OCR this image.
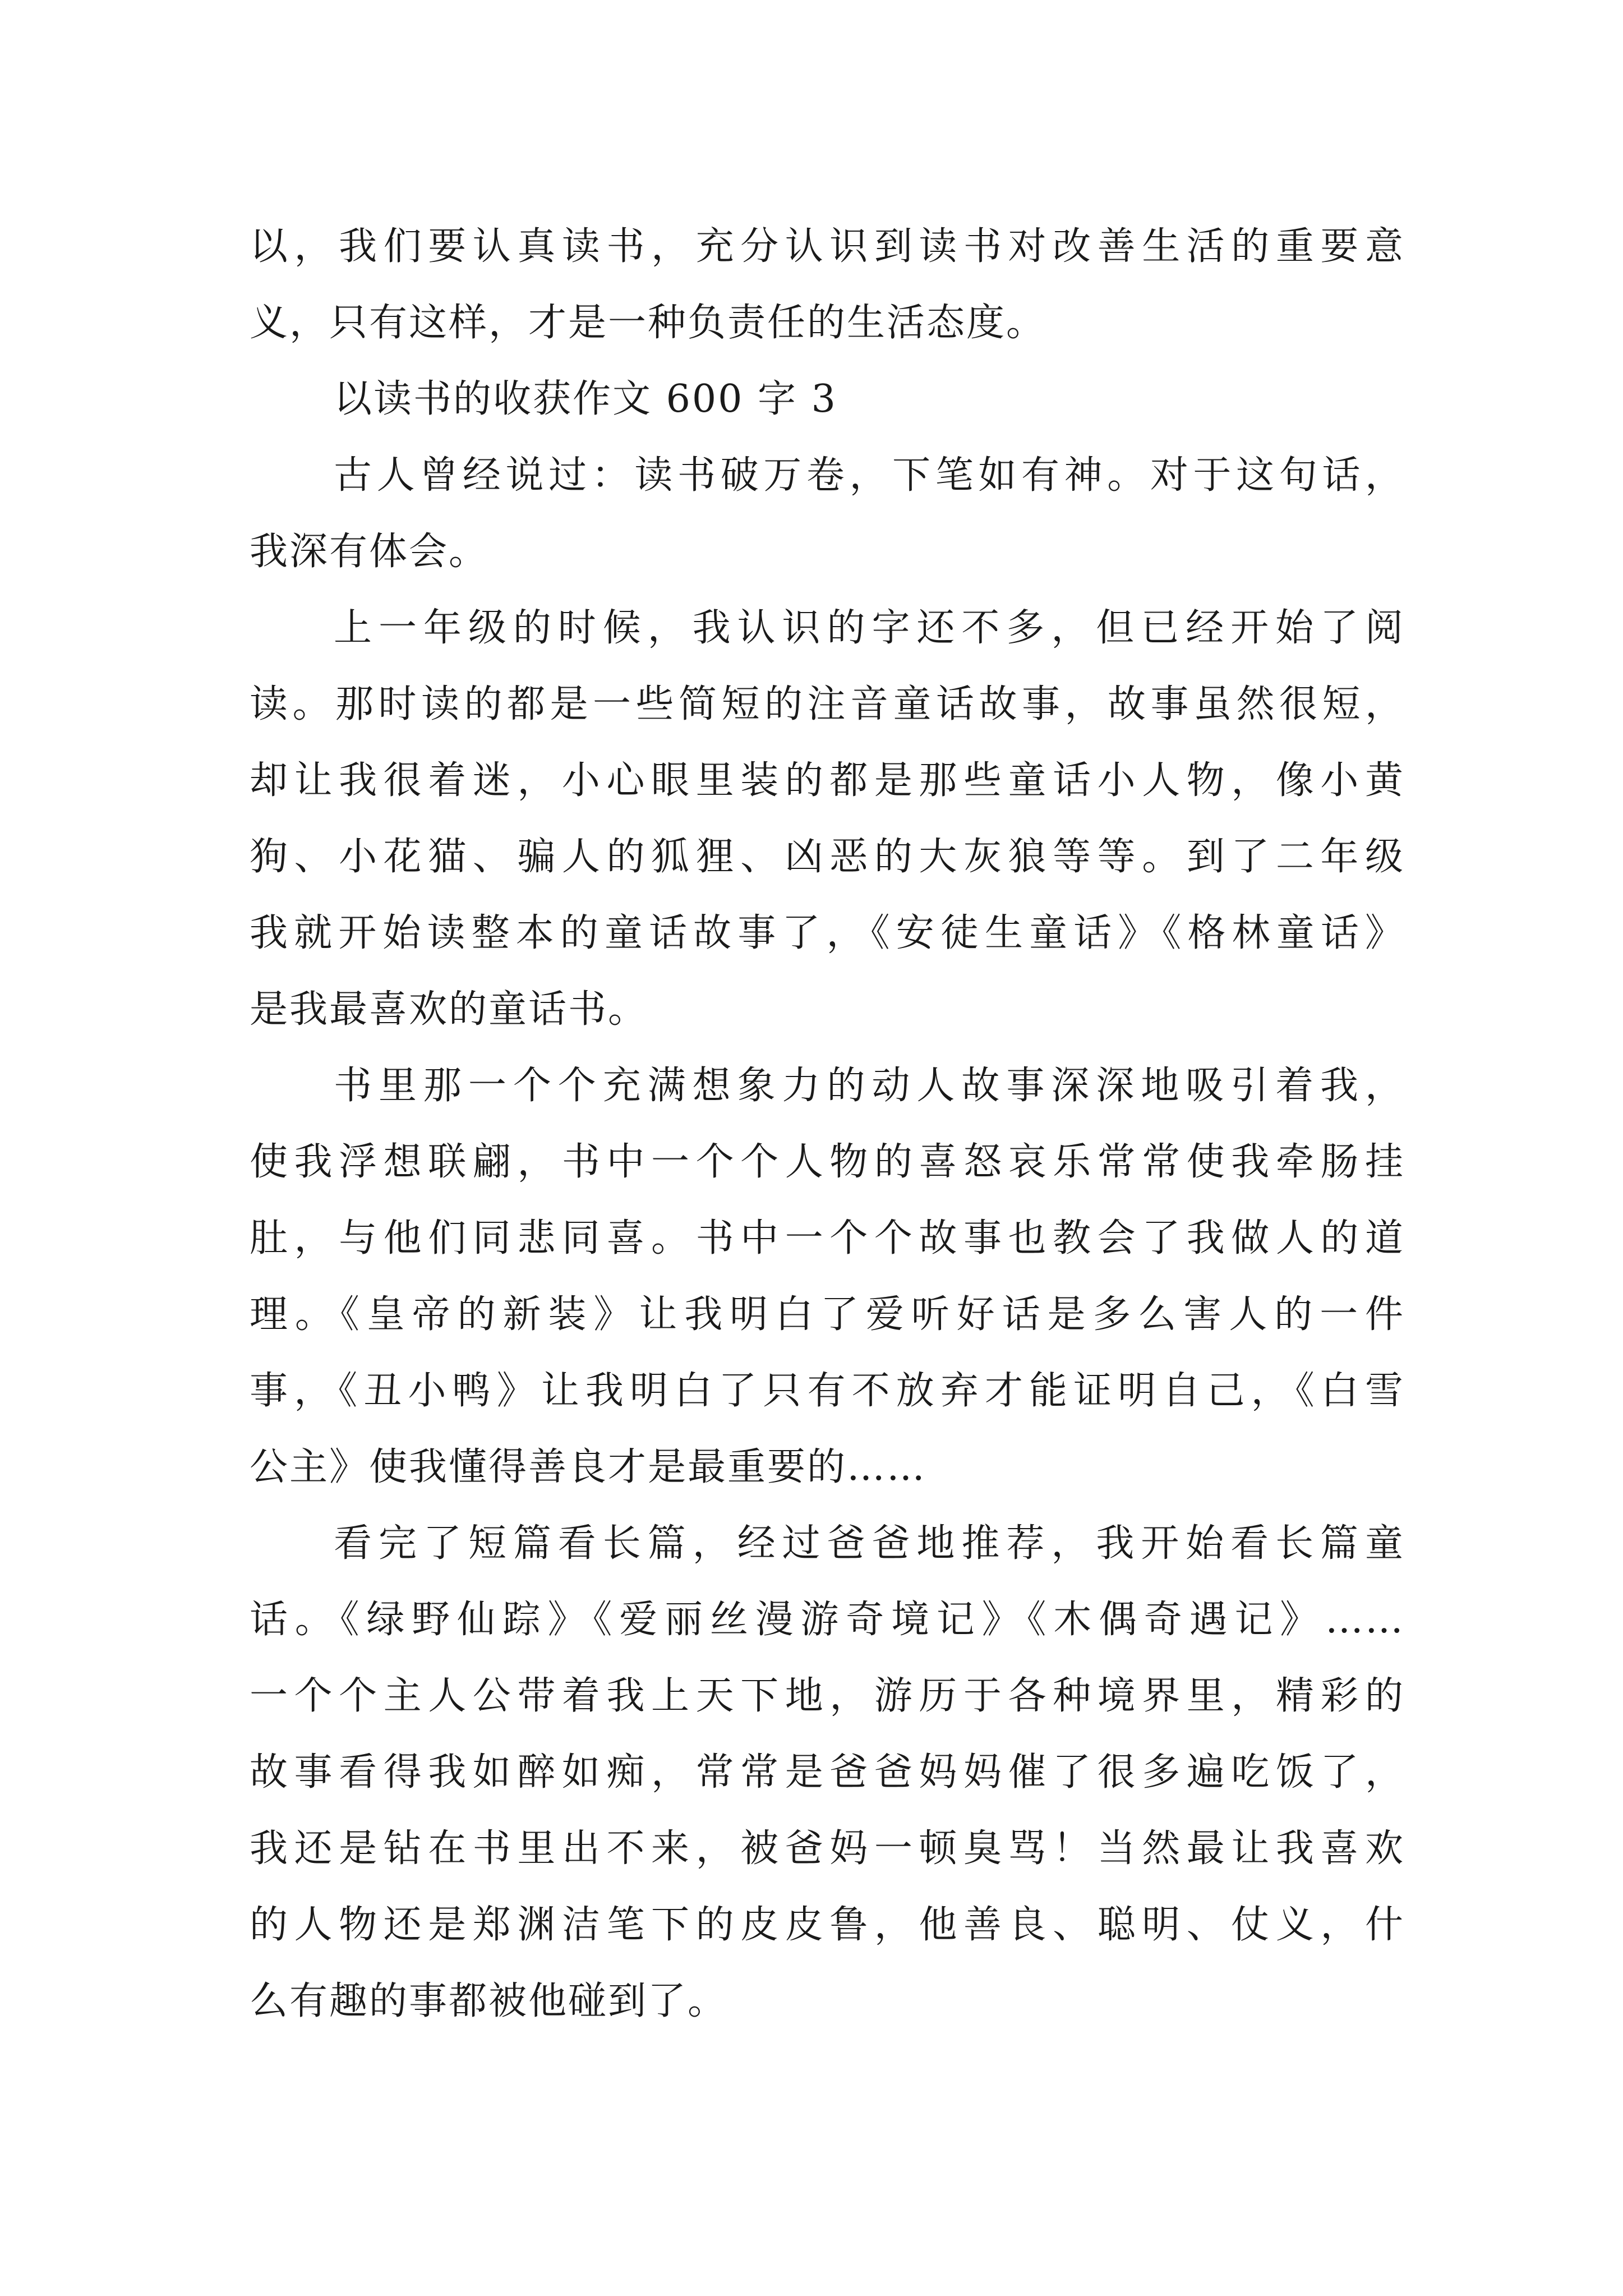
以，我们要认真读书，充分认识到读书对改善生活的重要意
义，只有这样，才是一种负责任的生活态度。
以读书的收获作文 600 字 3
古人曾经说过：读书破万卷，下笔如有神。对于这句话，
我深有体会。
上一年级的时候，我认识的字还不多，但已经开始了阅
读。那时读的都是一些简短的注音童话故事，故事虽然很短，
却让我很着迷，小心眼里装的都是那些童话小人物，像小黄
狗、小花猫、骗人的狐狸、凶恶的大灰狼等等。到了二年级
我就开始读整本的童话故事了，《安徒生童话》《格林童话》
是我最喜欢的童话书。
书里那一个个充满想象力的动人故事深深地吸引着我，
使我浮想联翩，书中一个个人物的喜怒哀乐常常使我牵肠挂
肚，与他们同悲同喜。书中一个个故事也教会了我做人的道
理。《皇帝的新装》让我明白了爱听好话是多么害人的一件
事，《丑小鸭》让我明白了只有不放弃才能证明自己，《白雪
公主》使我懂得善良才是最重要的……
看完了短篇看长篇，经过爸爸地推荐，我开始看长篇童
话。《绿野仙踪》《爱丽丝漫游奇境记》《木偶奇遇记》……
一个个主人公带着我上天下地，游历于各种境界里，精彩的
故事看得我如醉如痴，常常是爸爸妈妈催了很多遍吃饭了，
我还是钻在书里出不来，被爸妈一顿臭骂！当然最让我喜欢
的人物还是郑渊洁笔下的皮皮鲁，他善良、聪明、仗义，什
么有趣的事都被他碰到了。
